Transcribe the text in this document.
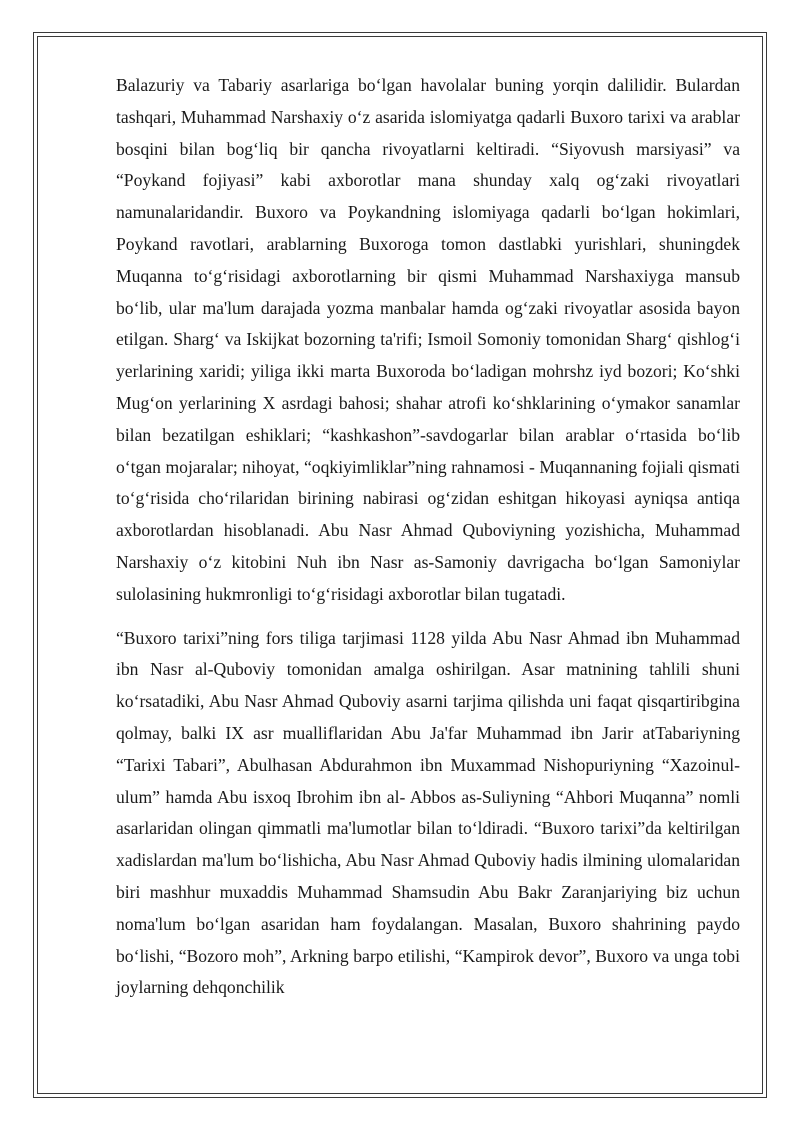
Balazuriy va Tabariy asarlariga bo‘lgan havolalar buning yorqin dalilidir. Bulardan tashqari, Muhammad Narshaxiy o‘z asarida islomiyatga qadarli Buxoro tarixi va arablar bosqini bilan bog‘liq bir qancha rivoyatlarni keltiradi. “Siyovush marsiyasi” va “Poykand fojiyasi” kabi axborotlar mana shunday xalq og‘zaki rivoyatlari namunalaridandir. Buxoro va Poykandning islomiyaga qadarli bo‘lgan hokimlari, Poykand ravotlari, arablarning Buxoroga tomon dastlabki yurishlari, shuningdek Muqanna to‘g‘risidagi axborotlarning bir qismi Muhammad Narshaxiyga mansub bo‘lib, ular ma'lum darajada yozma manbalar hamda og‘zaki rivoyatlar asosida bayon etilgan. Sharg‘ va Iskijkat bozorning ta'rifi; Ismoil Somoniy tomonidan Sharg‘ qishlog‘i yerlarining xaridi; yiliga ikki marta Buxoroda bo‘ladigan mohrshz iyd bozori; Ko‘shki Mug‘on yerlarining X asrdagi bahosi; shahar atrofi ko‘shklarining o‘ymakor sanamlar bilan bezatilgan eshiklari; “kashkashon”-savdogarlar bilan arablar o‘rtasida bo‘lib o‘tgan mojaralar; nihoyat, “oqkiyimliklar”ning rahnamosi - Muqannaning fojiali qismati to‘g‘risida cho‘rilaridan birining nabirasi og‘zidan eshitgan hikoyasi ayniqsa antiqa axborotlardan hisoblanadi. Abu Nasr Ahmad Quboviyning yozishicha, Muhammad Narshaxiy o‘z kitobini Nuh ibn Nasr as-Samoniy davrigacha bo‘lgan Samoniylar sulolasining hukmronligi to‘g‘risidagi axborotlar bilan tugatadi.

“Buxoro tarixi”ning fors tiliga tarjimasi 1128 yilda Abu Nasr Ahmad ibn Muhammad ibn Nasr al-Quboviy tomonidan amalga oshirilgan. Asar matnining tahlili shuni ko‘rsatadiki, Abu Nasr Ahmad Quboviy asarni tarjima qilishda uni faqat qisqartiribgina qolmay, balki IX asr mualliflaridan Abu Ja'far Muhammad ibn Jarir atTabariyning “Tarixi Tabari”, Abulhasan Abdurahmon ibn Muxammad Nishopuriyning “Xazoinul-ulum” hamda Abu isxoq Ibrohim ibn al- Abbos as-Suliyning “Ahbori Muqanna” nomli asarlaridan olingan qimmatli ma'lumotlar bilan to‘ldiradi. “Buxoro tarixi”da keltirilgan xadislardan ma'lum bo‘lishicha, Abu Nasr Ahmad Quboviy hadis ilmining ulomalaridan biri mashhur muxaddis Muhammad Shamsudin Abu Bakr Zaranjariying biz uchun noma'lum bo‘lgan asaridan ham foydalangan. Masalan, Buxoro shahrining paydo bo‘lishi, “Bozoro moh”, Arkning barpo etilishi, “Kampirok devor”, Buxoro va unga tobi joylarning dehqonchilik
